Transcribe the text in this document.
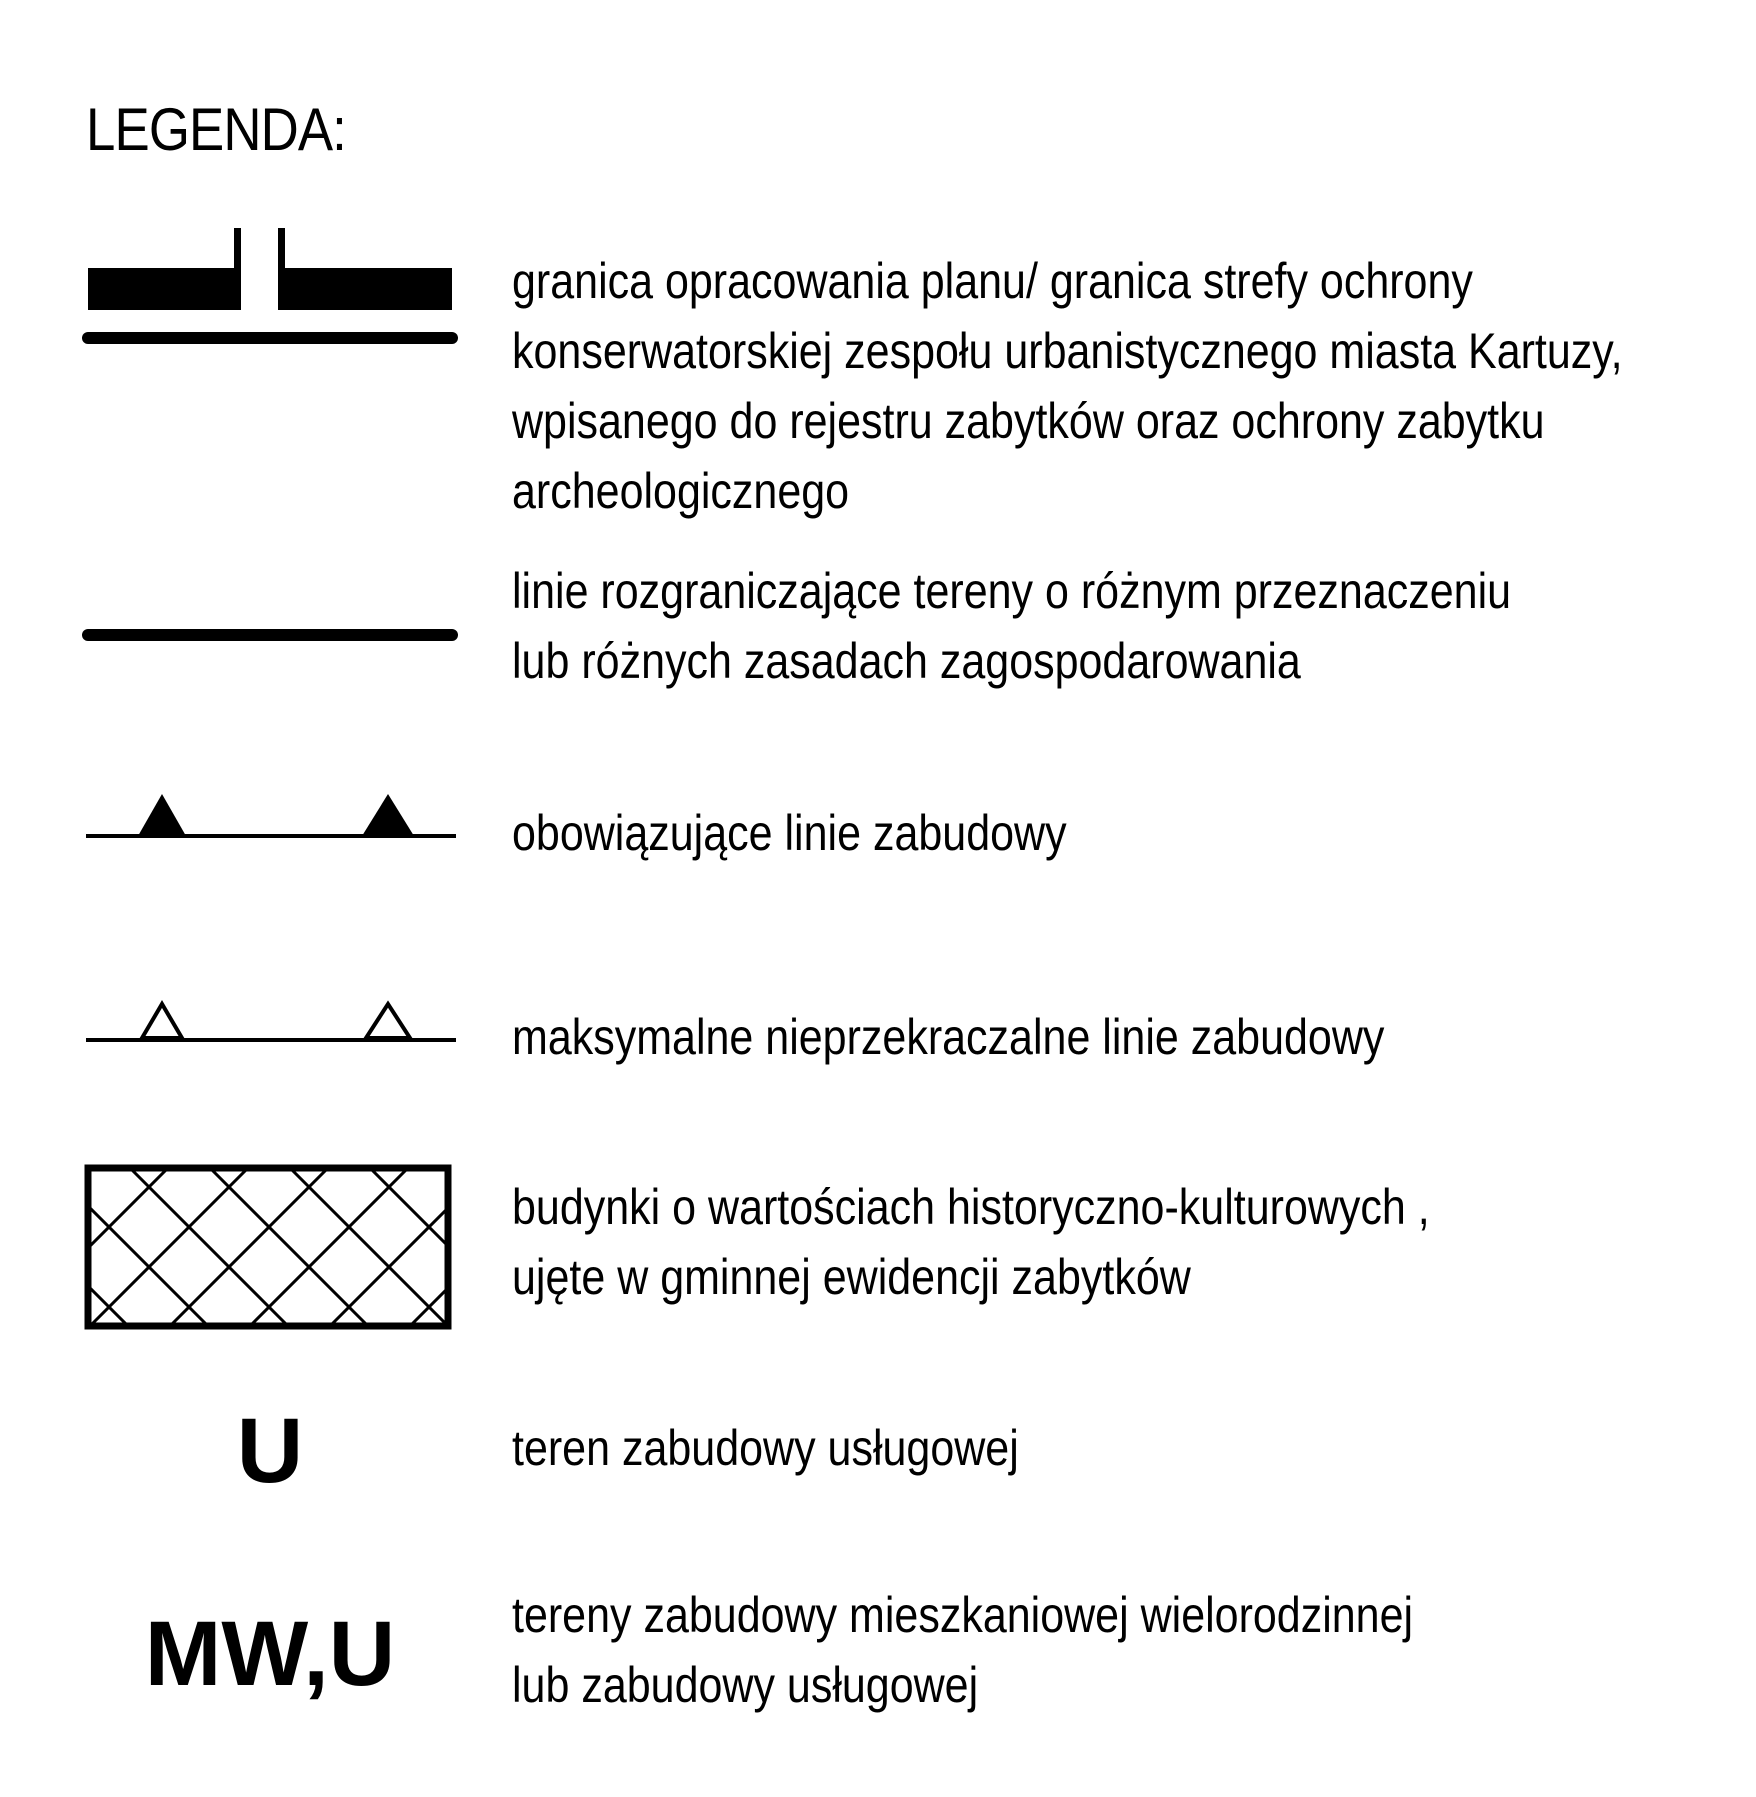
LEGENDA:
granica opracowania planu/ granica strefy ochrony
konserwatorskiej zespołu urbanistycznego miasta Kartuzy,
wpisanego do rejestru zabytków oraz ochrony zabytku
archeologicznego
linie rozgraniczające tereny o różnym przeznaczeniu
lub różnych zasadach zagospodarowania
obowiązujące linie zabudowy
maksymalne nieprzekraczalne linie zabudowy
budynki o wartościach historyczno-kulturowych ,
ujęte w gminnej ewidencji zabytków
U	teren zabudowy usługowej
MW,U	tereny zabudowy mieszkaniowej wielorodzinnej
lub zabudowy usługowej
